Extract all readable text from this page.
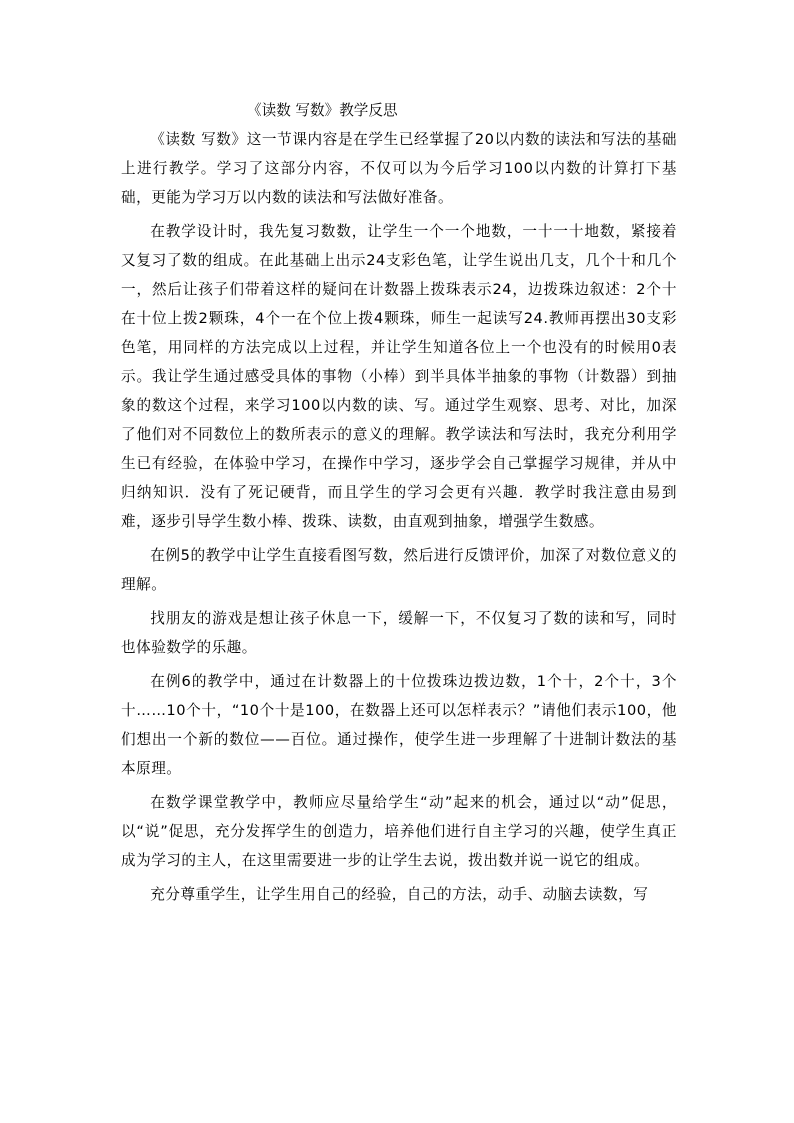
《读数 写数》教学反思

《读数 写数》这一节课内容是在学生已经掌握了20以内数的读法和写法的基础上进行教学。学习了这部分内容，不仅可以为今后学习100以内数的计算打下基础，更能为学习万以内数的读法和写法做好准备。

在教学设计时，我先复习数数，让学生一个一个地数，一十一十地数，紧接着又复习了数的组成。在此基础上出示24支彩色笔，让学生说出几支，几个十和几个一，然后让孩子们带着这样的疑问在计数器上拨珠表示24，边拨珠边叙述：2个十在十位上拨2颗珠，4个一在个位上拨4颗珠，师生一起读写24.教师再摆出30支彩色笔，用同样的方法完成以上过程，并让学生知道各位上一个也没有的时候用0表示。我让学生通过感受具体的事物（小棒）到半具体半抽象的事物（计数器）到抽象的数这个过程，来学习100以内数的读、写。通过学生观察、思考、对比，加深了他们对不同数位上的数所表示的意义的理解。教学读法和写法时，我充分利用学生已有经验，在体验中学习，在操作中学习，逐步学会自己掌握学习规律，并从中归纳知识．没有了死记硬背，而且学生的学习会更有兴趣．教学时我注意由易到难，逐步引导学生数小棒、拨珠、读数，由直观到抽象，增强学生数感。

在例5的教学中让学生直接看图写数，然后进行反馈评价，加深了对数位意义的理解。

找朋友的游戏是想让孩子休息一下，缓解一下，不仅复习了数的读和写，同时也体验数学的乐趣。

在例6的教学中，通过在计数器上的十位拨珠边拨边数，1个十，2个十，3个十……10个十，“10个十是100，在数器上还可以怎样表示？”请他们表示100，他们想出一个新的数位——百位。通过操作，使学生进一步理解了十进制计数法的基本原理。

在数学课堂教学中，教师应尽量给学生“动”起来的机会，通过以“动”促思，以“说”促思，充分发挥学生的创造力，培养他们进行自主学习的兴趣，使学生真正成为学习的主人，在这里需要进一步的让学生去说，拨出数并说一说它的组成。

充分尊重学生，让学生用自己的经验，自己的方法，动手、动脑去读数，写
